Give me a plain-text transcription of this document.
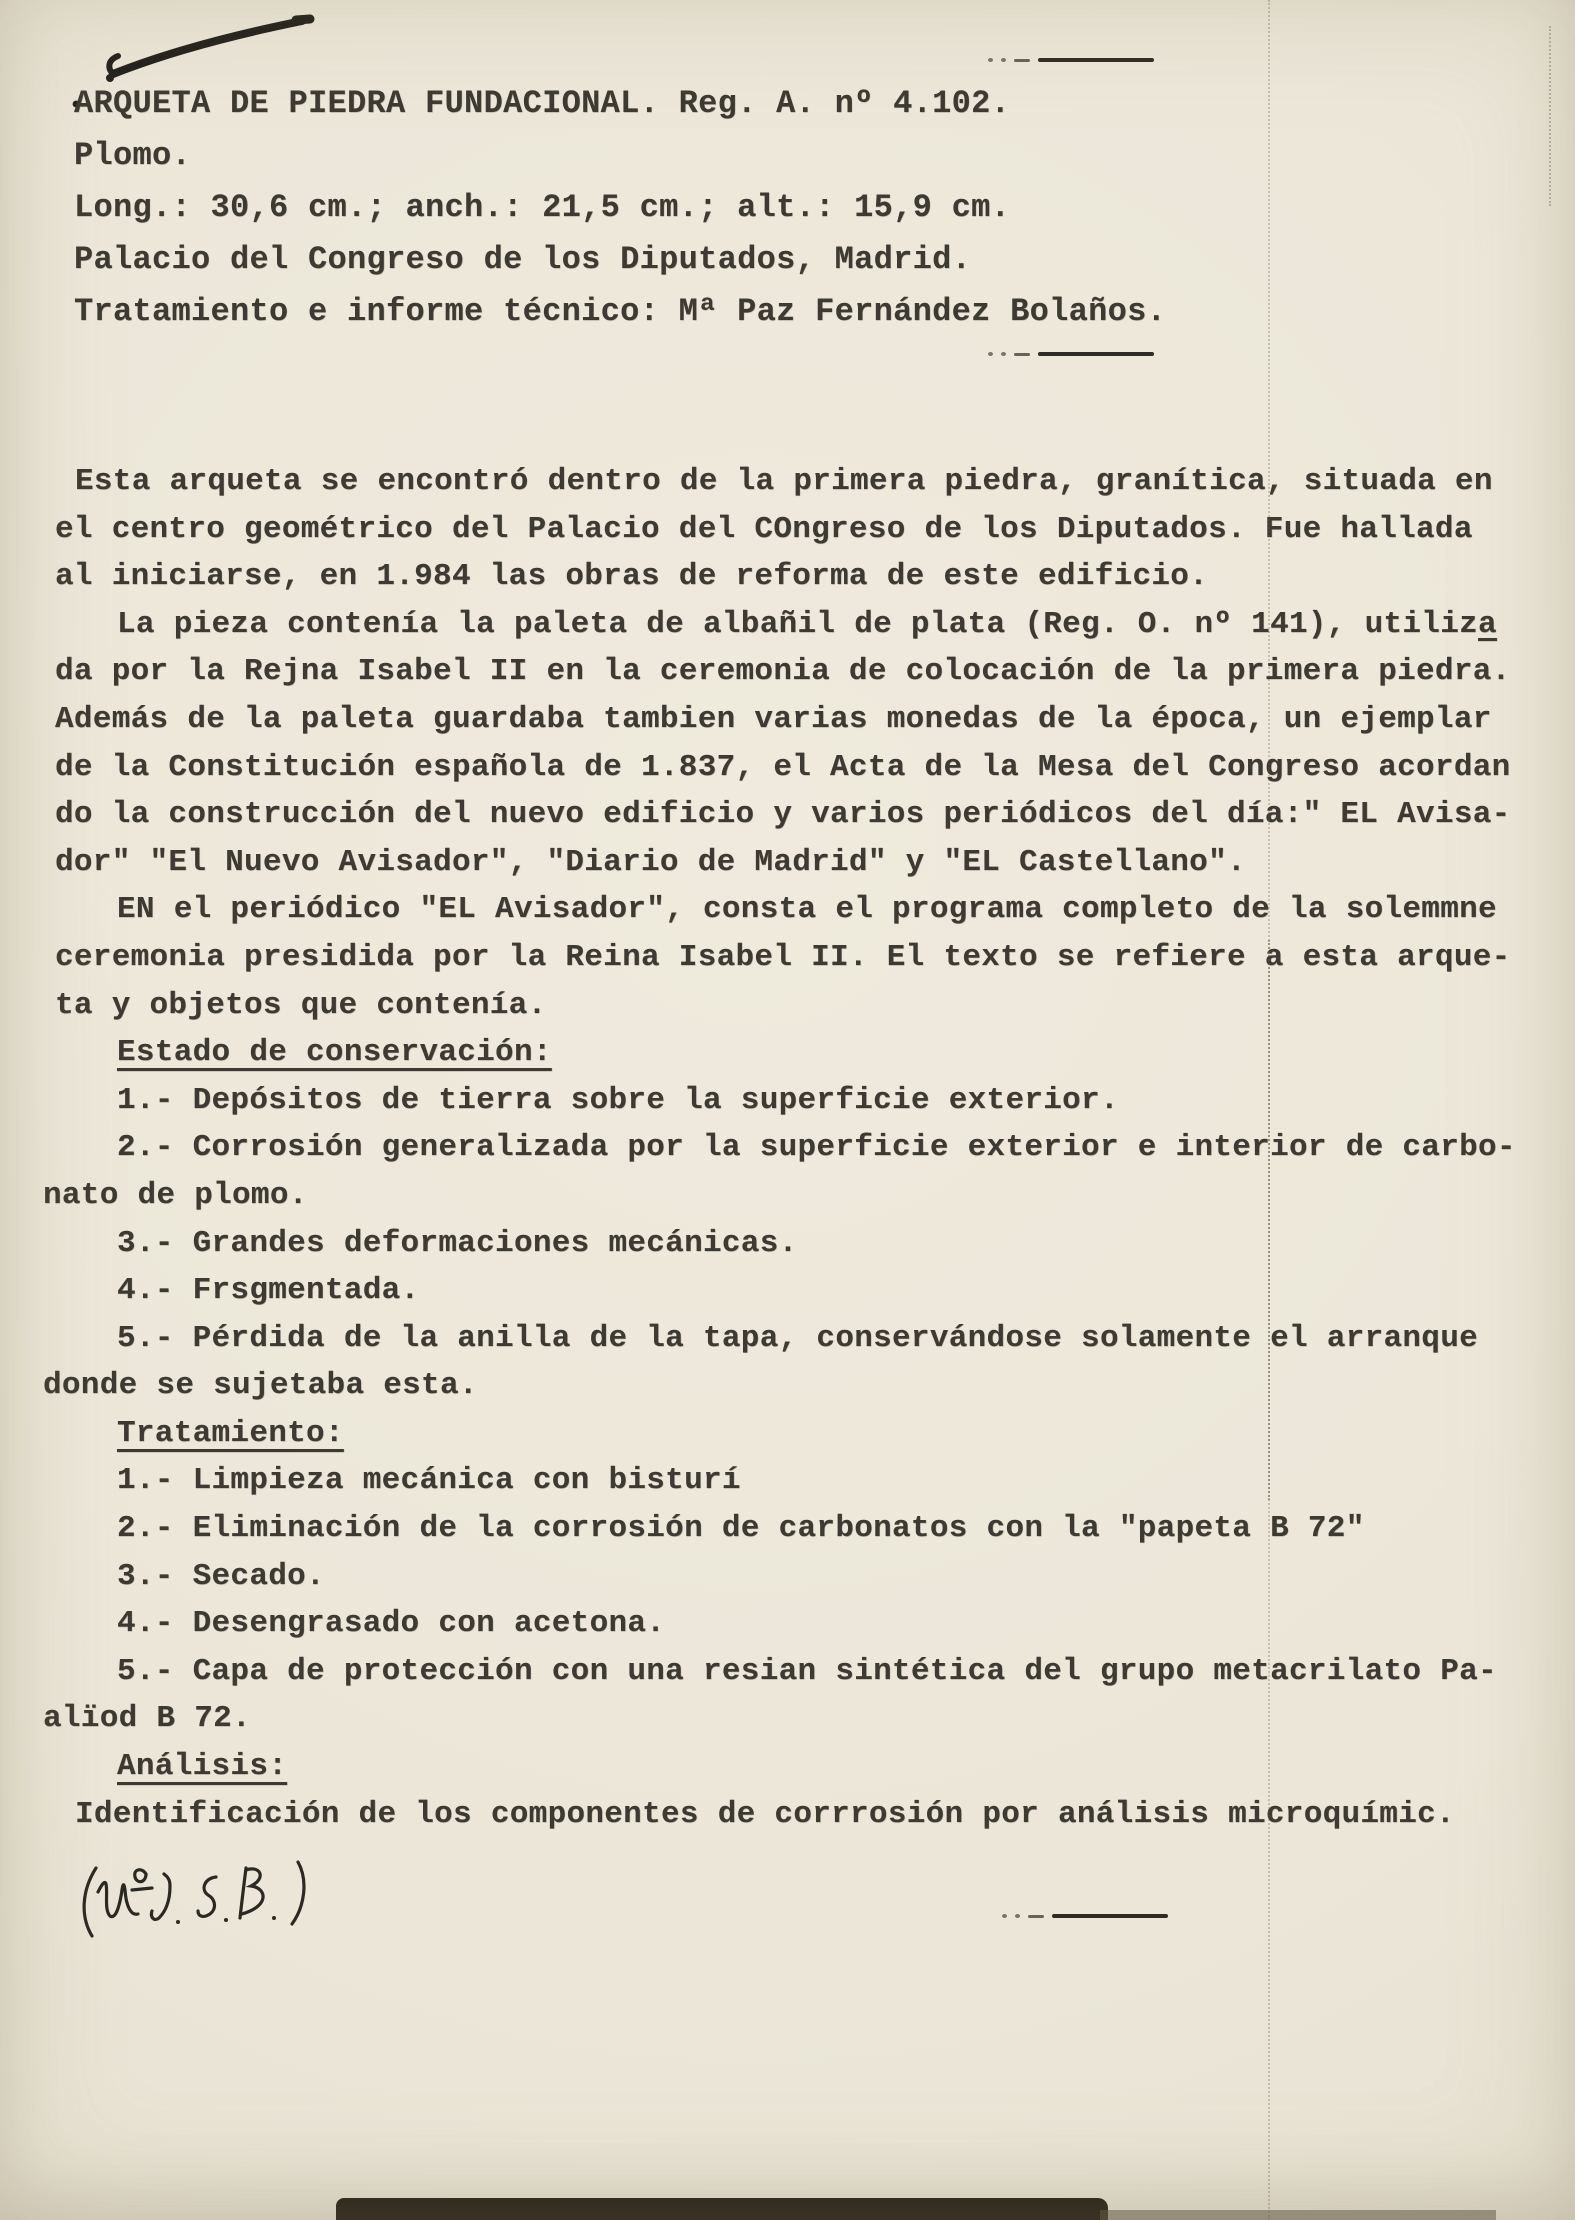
ARQUETA DE PIEDRA FUNDACIONAL. Reg. A. nº 4.102.
Plomo.
Long.: 30,6 cm.; anch.: 21,5 cm.; alt.: 15,9 cm.
Palacio del Congreso de los Diputados, Madrid.
Tratamiento e informe técnico: Mª Paz Fernández Bolaños.
Esta arqueta se encontró dentro de la primera piedra, granítica, situada en
el centro geométrico del Palacio del COngreso de los Diputados. Fue hallada
al iniciarse, en 1.984 las obras de reforma de este edificio.
La pieza contenía la paleta de albañil de plata (Reg. O. nº 141), utiliza
da por la Rejna Isabel II en la ceremonia de colocación de la primera piedra.
Además de la paleta guardaba tambien varias monedas de la época, un ejemplar
de la Constitución española de 1.837, el Acta de la Mesa del Congreso acordan
do la construcción del nuevo edificio y varios periódicos del día:" EL Avisa-
dor" "El Nuevo Avisador", "Diario de Madrid" y "EL Castellano".
EN el periódico "EL Avisador", consta el programa completo de la solemmne
ceremonia presidida por la Reina Isabel II. El texto se refiere a esta arque-
ta y objetos que contenía.
Estado de conservación:
1.- Depósitos de tierra sobre la superficie exterior.
2.- Corrosión generalizada por la superficie exterior e interior de carbo-
nato de plomo.
3.- Grandes deformaciones mecánicas.
4.- Frsgmentada.
5.- Pérdida de la anilla de la tapa, conservándose solamente el arranque
donde se sujetaba esta.
Tratamiento:
1.- Limpieza mecánica con bisturí
2.- Eliminación de la corrosión de carbonatos con la "papeta B 72"
3.- Secado.
4.- Desengrasado con acetona.
5.- Capa de protección con una resian sintética del grupo metacrilato Pa-
alïod B 72.
Análisis:
Identificación de los componentes de corrrosión por análisis microquímic.
